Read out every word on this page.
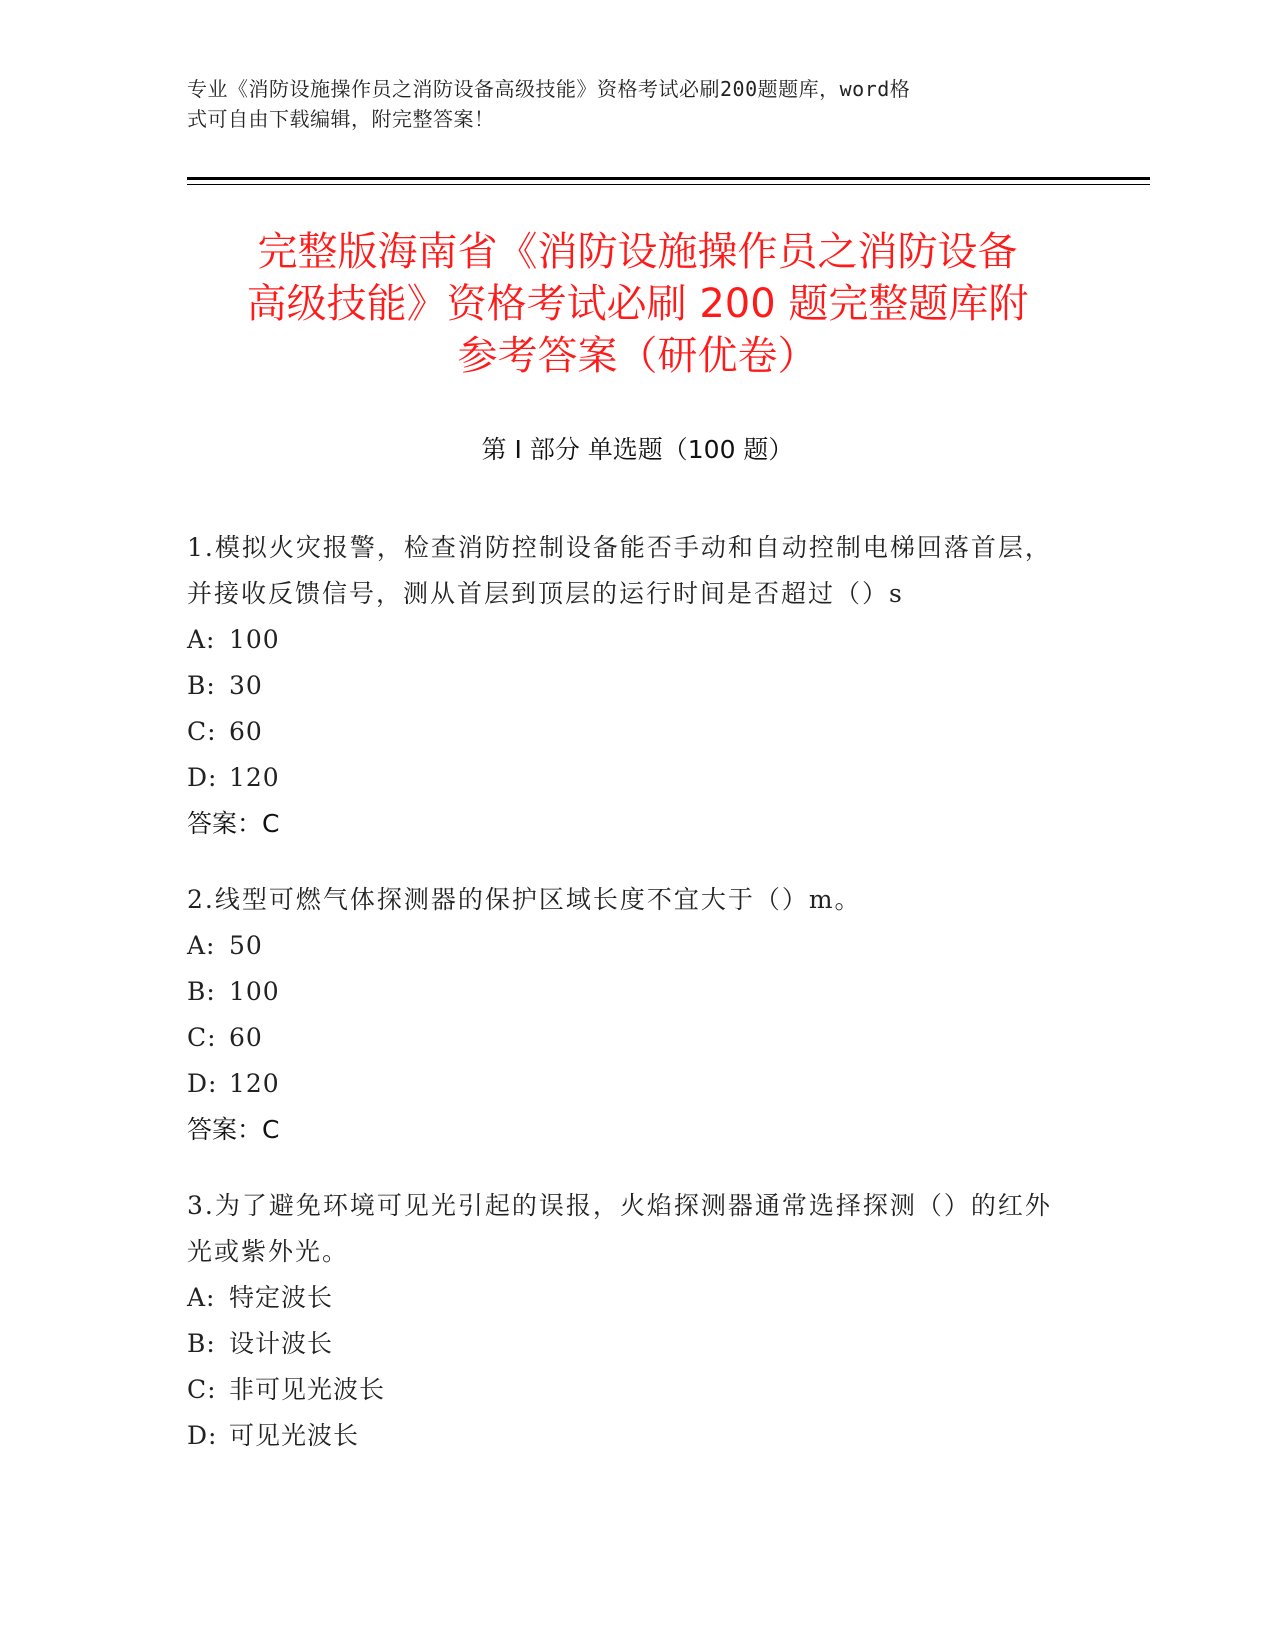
专业《消防设施操作员之消防设备高级技能》资格考试必刷200题题库，word格
式可自由下载编辑，附完整答案！
完整版海南省《消防设施操作员之消防设备
高级技能》资格考试必刷 200 题完整题库附
参考答案（研优卷）
第 I 部分 单选题（100 题）

1.模拟火灾报警，检查消防控制设备能否手动和自动控制电梯回落首层，并接收反馈信号，测从首层到顶层的运行时间是否超过（）s

A: 100

B: 30

C: 60

D: 120

答案：C

2.线型可燃气体探测器的保护区域长度不宜大于（）m。

A: 50

B: 100

C: 60

D: 120

答案：C

3.为了避免环境可见光引起的误报，火焰探测器通常选择探测（）的红外光或紫外光。

A: 特定波长

B: 设计波长

C: 非可见光波长

D: 可见光波长
